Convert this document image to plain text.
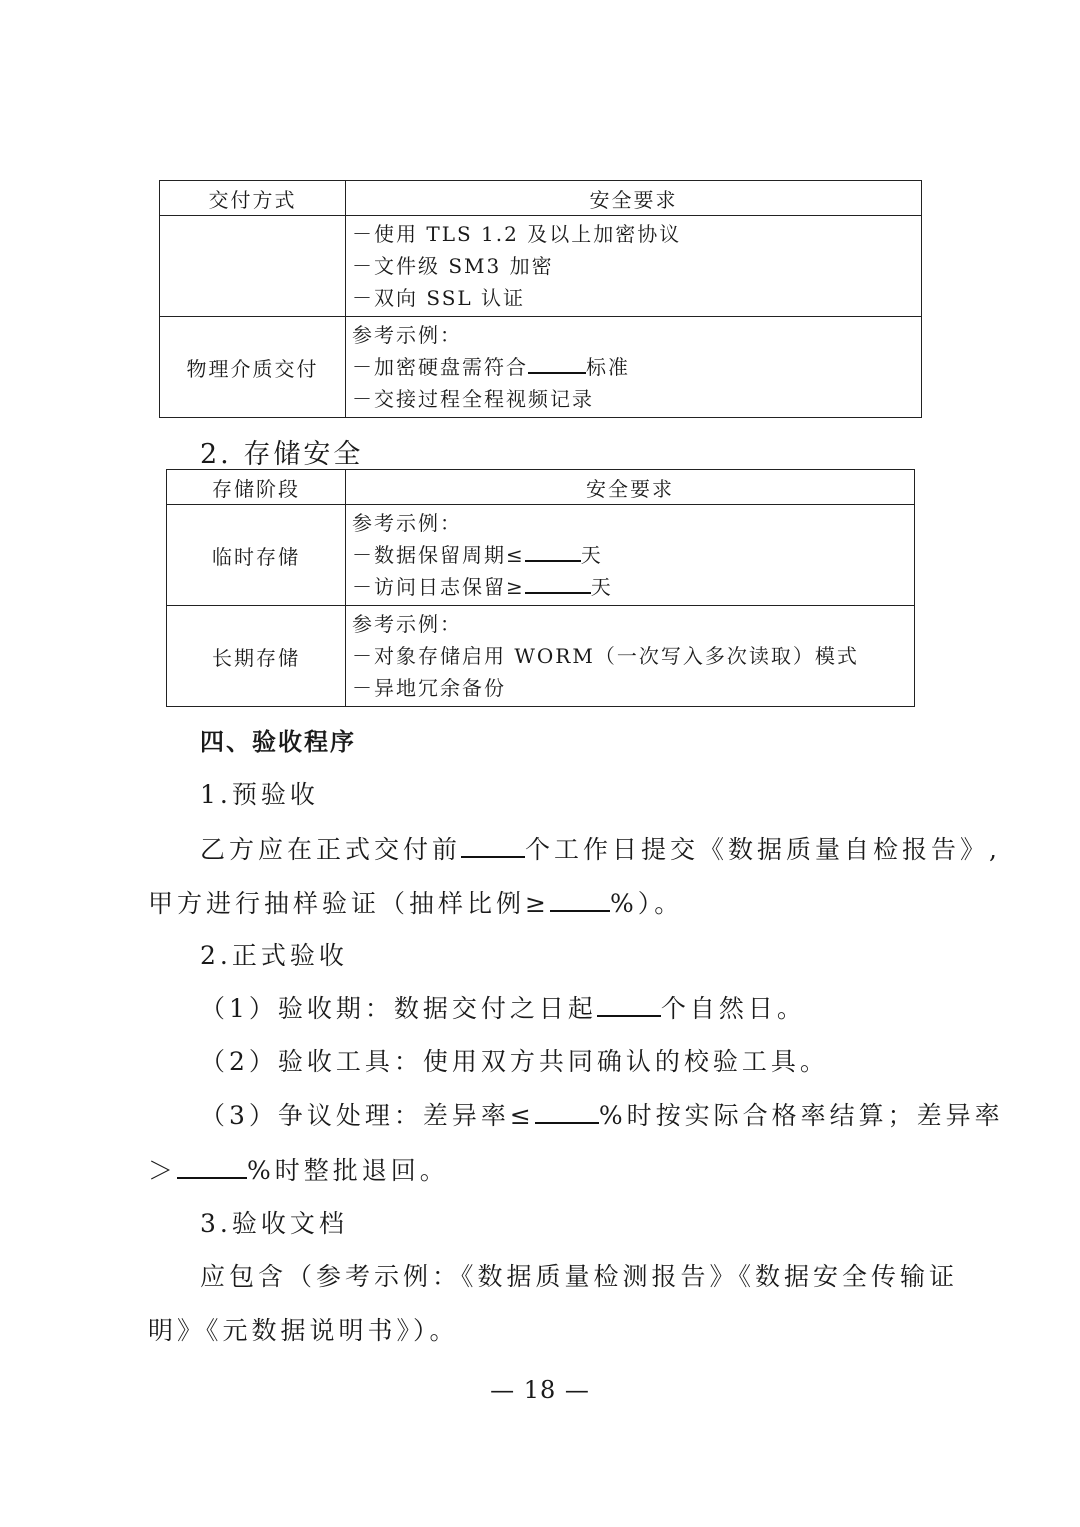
交付方式	安全要求

	－使用 TLS 1.2 及以上加密协议
－文件级 SM3 加密
－双向 SSL 认证

物理介质交付	参考示例：
－加密硬盘需符合 标准
－交接过程全程视频记录
2. 存储安全
存储阶段	安全要求
临时存储	参考示例：
－数据保留周期≤ 天
－访问日志保留≥ 天

长期存储	参考示例：
－对象存储启用 WORM（一次写入多次读取）模式
－异地冗余备份
四、验收程序
1.预验收
乙方应在正式交付前	个工作日提交《数据质量自检报告》,
甲方进行抽样验证（抽样比例≥ %）。
2.正式验收
（1）验收期：数据交付之日起	个自然日。
（2）验收工具：使用双方共同确认的校验工具。
（3）争议处理：差异率≤	%时按实际合格率结算；差异率
＞	%时整批退回。
3.验收文档
应包含（参考示例：《数据质量检测报告》《数据安全传输证
明》《元数据说明书》）。
— 18 —
